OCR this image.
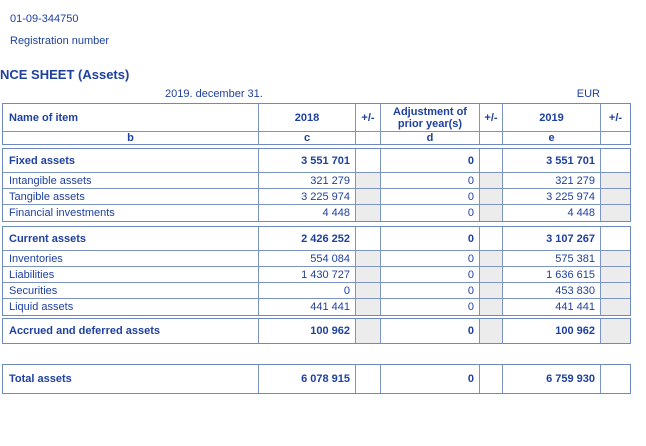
01-09-344750
Registration number
NCE SHEET (Assets)
2019. december 31.	EUR
Name of item	2018	+/-	Adjustment of prior year(s)	+/-	2019	+/-
b	c	d	e
Fixed assets	3 551 701	0	3 551 701
Intangible assets	321 279	0	321 279
Tangible assets	3 225 974	0	3 225 974
Financial investments	4 448	0	4 448
Current assets	2 426 252	0	3 107 267
Inventories	554 084	0	575 381
Liabilities	1 430 727	0	1 636 615
Securities	0	0	453 830
Liquid assets	441 441	0	441 441
Accrued and deferred assets	100 962	0	100 962
Total assets	6 078 915	0	6 759 930
